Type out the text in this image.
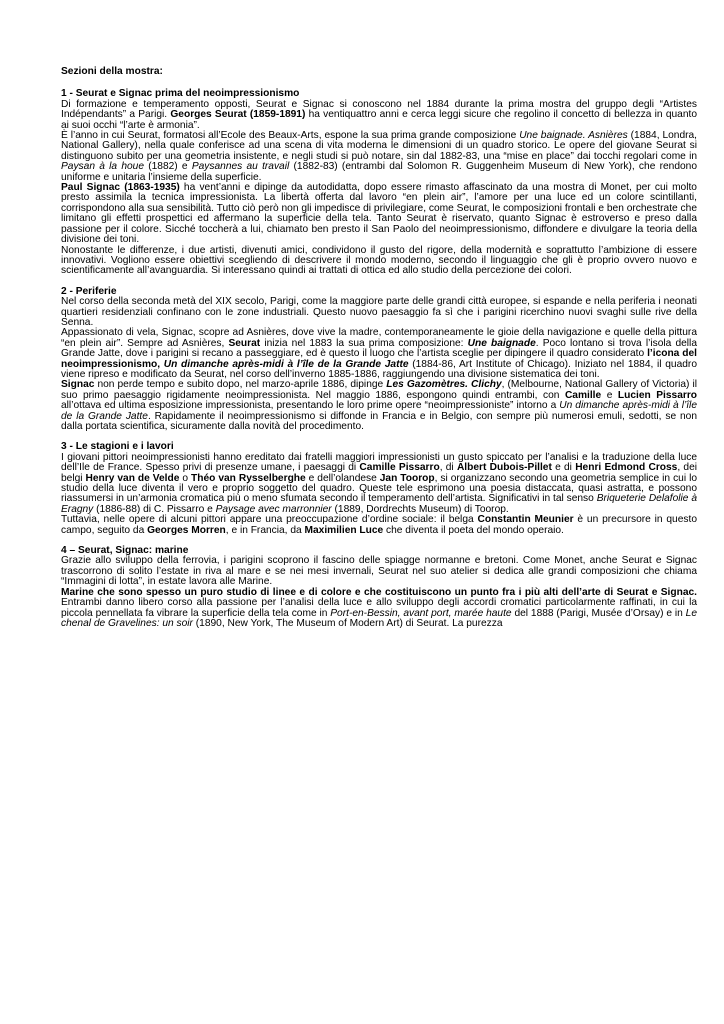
Sezioni della mostra:
1 - Seurat e Signac prima del neoimpressionismo

Di formazione e temperamento opposti, Seurat e Signac si conoscono nel 1884 durante la prima mostra del gruppo degli “Artistes Indépendants” a Parigi. Georges Seurat (1859-1891) ha ventiquattro anni e cerca leggi sicure che regolino il concetto di bellezza in quanto ai suoi occhi “l’arte è armonia”.

È l’anno in cui Seurat, formatosi all’Ecole des Beaux-Arts, espone la sua prima grande composizione Une baignade. Asnières (1884, Londra, National Gallery), nella quale conferisce ad una scena di vita moderna le dimensioni di un quadro storico. Le opere del giovane Seurat si distinguono subito per una geometria insistente, e negli studi si può notare, sin dal 1882-83, una “mise en place” dai tocchi regolari come in Paysan à la houe (1882) e Paysannes au travail (1882-83) (entrambi dal Solomon R. Guggenheim Museum di New York), che rendono uniforme e unitaria l’insieme della superficie.

Paul Signac (1863-1935) ha vent’anni e dipinge da autodidatta, dopo essere rimasto affascinato da una mostra di Monet, per cui molto presto assimila la tecnica impressionista. La libertà offerta dal lavoro “en plein air”, l’amore per una luce ed un colore scintillanti, corrispondono alla sua sensibilità. Tutto ciò però non gli impedisce di privilegiare, come Seurat, le composizioni frontali e ben orchestrate che limitano gli effetti prospettici ed affermano la superficie della tela. Tanto Seurat è riservato, quanto Signac è estroverso e preso dalla passione per il colore. Sicché toccherà a lui, chiamato ben presto il San Paolo del neoimpressionismo, diffondere e divulgare la teoria della divisione dei toni.

Nonostante le differenze, i due artisti, divenuti amici, condividono il gusto del rigore, della modernità e soprattutto l’ambizione di essere innovativi. Vogliono essere obiettivi scegliendo di descrivere il mondo moderno, secondo il linguaggio che gli è proprio ovvero nuovo e scientificamente all’avanguardia. Si interessano quindi ai trattati di ottica ed allo studio della percezione dei colori.

2 - Periferie

Nel corso della seconda metà del XIX secolo, Parigi, come la maggiore parte delle grandi città europee, si espande e nella periferia i neonati quartieri residenziali confinano con le zone industriali. Questo nuovo paesaggio fa sì che i parigini ricerchino nuovi svaghi sulle rive della Senna.

Appassionato di vela, Signac, scopre ad Asnières, dove vive la madre, contemporaneamente le gioie della navigazione e quelle della pittura “en plein air”. Sempre ad Asnières, Seurat inizia nel 1883 la sua prima composizione: Une baignade. Poco lontano si trova l’isola della Grande Jatte, dove i parigini si recano a passeggiare, ed è questo il luogo che l’artista sceglie per dipingere il quadro considerato l’icona del neoimpressionismo, Un dimanche après-midi à l’île de la Grande Jatte (1884-86, Art Institute of Chicago). Iniziato nel 1884, il quadro viene ripreso e modificato da Seurat, nel corso dell’inverno 1885-1886, raggiungendo una divisione sistematica dei toni.

Signac non perde tempo e subito dopo, nel marzo-aprile 1886, dipinge Les Gazomètres. Clichy, (Melbourne, National Gallery of Victoria) il suo primo paesaggio rigidamente neoimpressionista. Nel maggio 1886, espongono quindi entrambi, con Camille e Lucien Pissarro all’ottava ed ultima esposizione impressionista, presentando le loro prime opere “neoimpressioniste” intorno a Un dimanche après-midi à l’île de la Grande Jatte. Rapidamente il neoimpressionismo si diffonde in Francia e in Belgio, con sempre più numerosi emuli, sedotti, se non dalla portata scientifica, sicuramente dalla novità del procedimento.

3 - Le stagioni e i lavori

I giovani pittori neoimpressionisti hanno ereditato dai fratelli maggiori impressionisti un gusto spiccato per l’analisi e la traduzione della luce dell’Ile de France. Spesso privi di presenze umane, i paesaggi di Camille Pissarro, di Albert Dubois-Pillet e di Henri Edmond Cross, dei belgi Henry van de Velde o Théo van Rysselberghe e dell’olandese Jan Toorop, si organizzano secondo una geometria semplice in cui lo studio della luce diventa il vero e proprio soggetto del quadro. Queste tele esprimono una poesia distaccata, quasi astratta, e possono riassumersi in un’armonia cromatica più o meno sfumata secondo il temperamento dell’artista. Significativi in tal senso Briqueterie Delafolie à Eragny (1886-88) di C. Pissarro e Paysage avec marronnier (1889, Dordrechts Museum) di Toorop.

Tuttavia, nelle opere di alcuni pittori appare una preoccupazione d’ordine sociale: il belga Constantin Meunier è un precursore in questo campo, seguito da Georges Morren, e in Francia, da Maximilien Luce che diventa il poeta del mondo operaio.

4 – Seurat, Signac: marine

Grazie allo sviluppo della ferrovia, i parigini scoprono il fascino delle spiagge normanne e bretoni. Come Monet, anche Seurat e Signac trascorrono di solito l’estate in riva al mare e se nei mesi invernali, Seurat nel suo atelier si dedica alle grandi composizioni che chiama “Immagini di lotta”, in estate lavora alle Marine.

Marine che sono spesso un puro studio di linee e di colore e che costituiscono un punto fra i più alti dell’arte di Seurat e Signac. Entrambi danno libero corso alla passione per l’analisi della luce e allo sviluppo degli accordi cromatici particolarmente raffinati, in cui la piccola pennellata fa vibrare la superficie della tela come in Port-en-Bessin, avant port, marée haute del 1888 (Parigi, Musée d’Orsay) e in Le chenal de Gravelines: un soir (1890, New York, The Museum of Modern Art) di Seurat. La purezza
